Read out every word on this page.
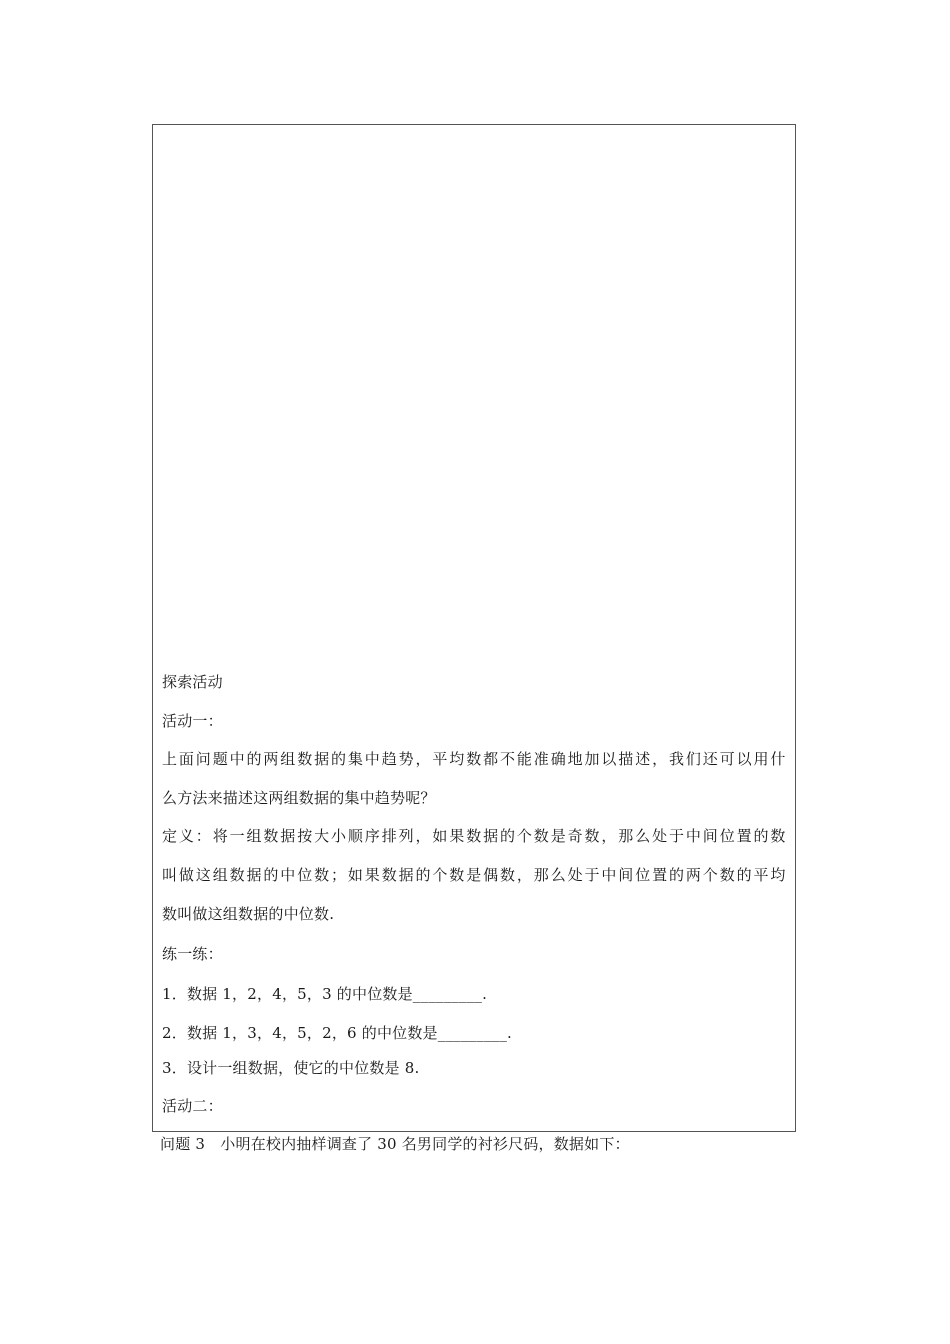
探索活动
活动一：
上面问题中的两组数据的集中趋势，平均数都不能准确地加以描述，我们还可以用什
么方法来描述这两组数据的集中趋势呢？
定义：将一组数据按大小顺序排列，如果数据的个数是奇数，那么处于中间位置的数
叫做这组数据的中位数；如果数据的个数是偶数，那么处于中间位置的两个数的平均
数叫做这组数据的中位数.
练一练：
1．数据 1，2，4，5，3 的中位数是_________.
2．数据 1，3，4，5，2，6 的中位数是_________.
3．设计一组数据，使它的中位数是 8.
活动二：
问题 3　小明在校内抽样调查了 30 名男同学的衬衫尺码，数据如下：
